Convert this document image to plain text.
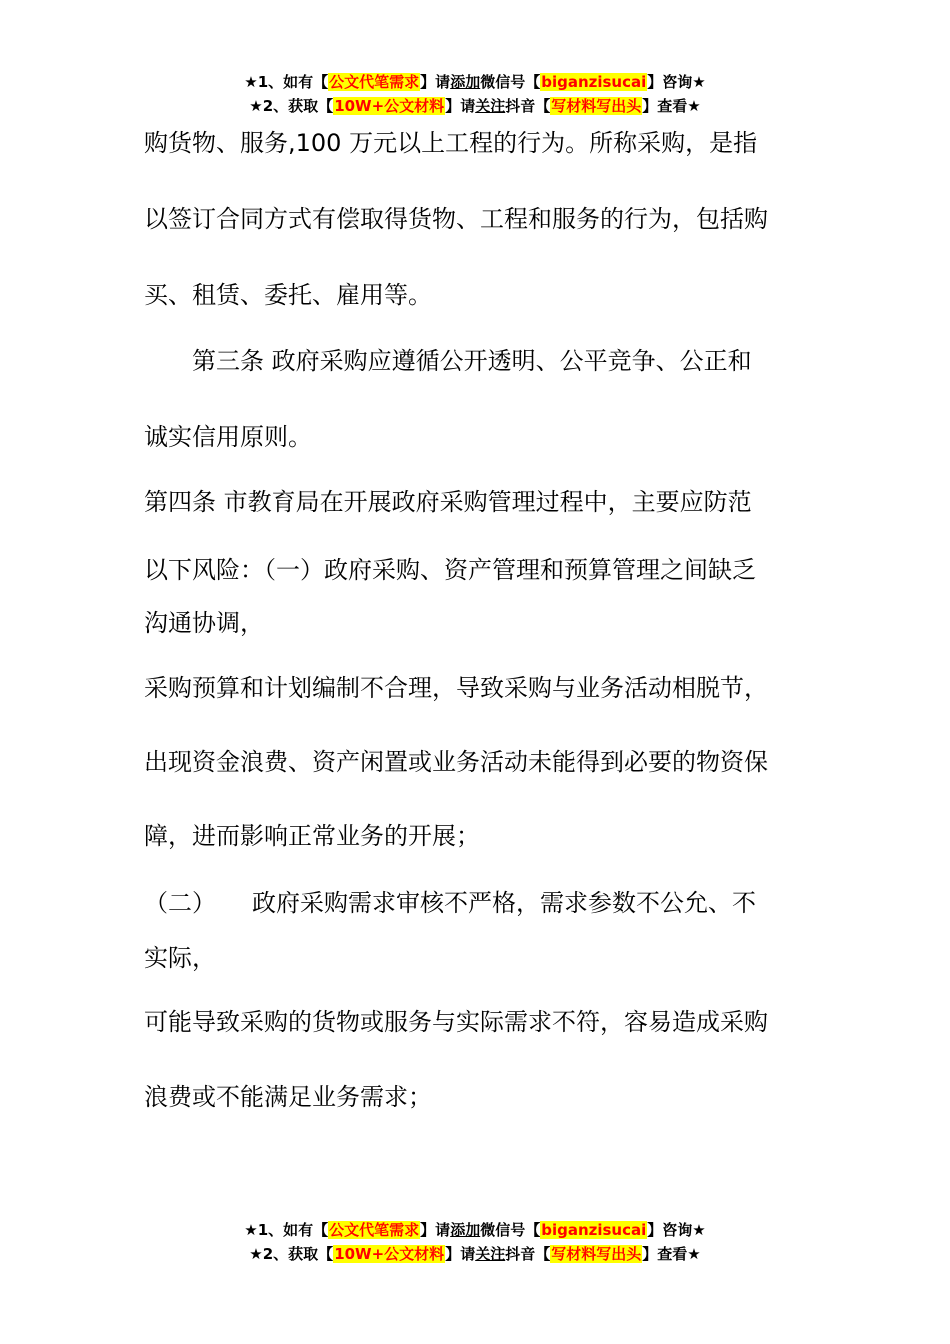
★1、如有【公文代笔需求】请添加微信号【biganzisucai】咨询★
★2、获取【10W+公文材料】请关注抖音【写材料写出头】查看★
购货物、服务,100 万元以上工程的行为。所称采购，是指
以签订合同方式有偿取得货物、工程和服务的行为，包括购
买、租赁、委托、雇用等。
　　第三条 政府采购应遵循公开透明、公平竞争、公正和
诚实信用原则。
第四条 市教育局在开展政府采购管理过程中，主要应防范
以下风险：（一）政府采购、资产管理和预算管理之间缺乏
沟通协调，
采购预算和计划编制不合理，导致采购与业务活动相脱节，
出现资金浪费、资产闲置或业务活动未能得到必要的物资保
障，进而影响正常业务的开展；
（二）　　政府采购需求审核不严格，需求参数不公允、不
实际，
可能导致采购的货物或服务与实际需求不符，容易造成采购
浪费或不能满足业务需求；
★1、如有【公文代笔需求】请添加微信号【biganzisucai】咨询★
★2、获取【10W+公文材料】请关注抖音【写材料写出头】查看★
